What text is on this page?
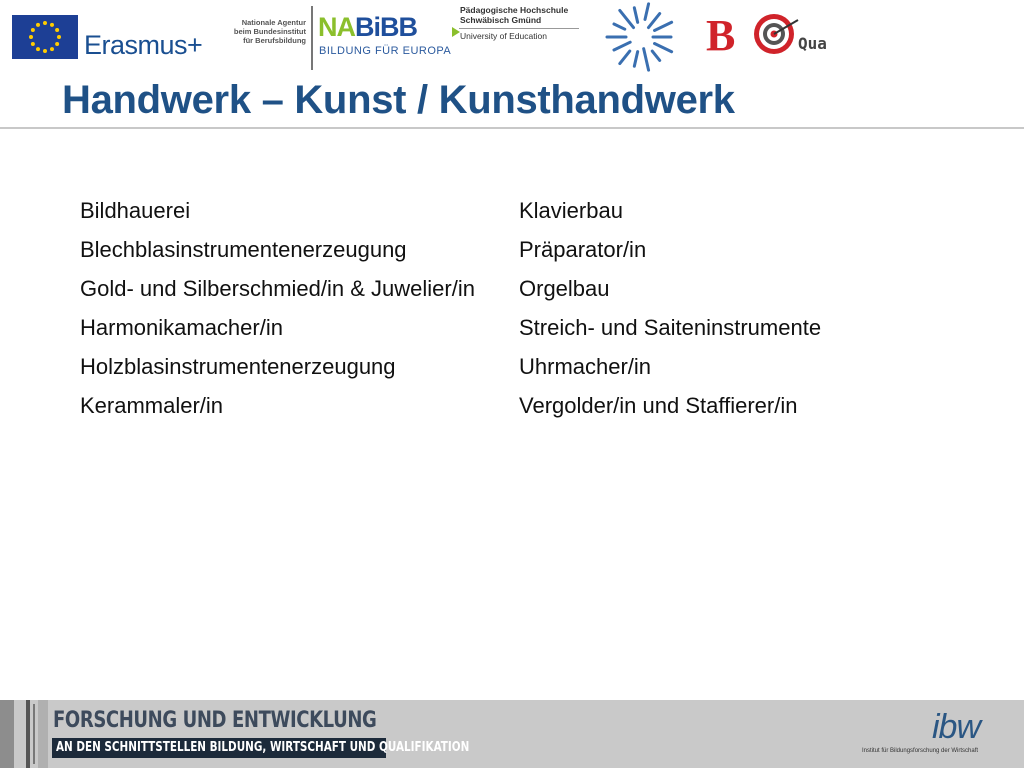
Erasmus+
Nationale Agentur
beim Bundesinstitut
für Berufsbildung NABiBB
BILDUNG FÜR EUROPA
Pädagogische Hochschule
Schwäbisch Gmünd
University of Education	B	Qua
Handwerk – Kunst / Kunsthandwerk
Bildhauerei
Blechblasinstrumentenerzeugung
Gold- und Silberschmied/in & Juwelier/in
Harmonikamacher/in
Holzblasinstrumentenerzeugung
Kerammaler/in
Klavierbau
Präparator/in
Orgelbau
Streich- und Saiteninstrumente
Uhrmacher/in
Vergolder/in und Staffierer/in
FORSCHUNG UND ENTWICKLUNG
AN DEN SCHNITTSTELLEN BILDUNG, WIRTSCHAFT UND QUALIFIKATION
ibw
Institut für Bildungsforschung der Wirtschaft
